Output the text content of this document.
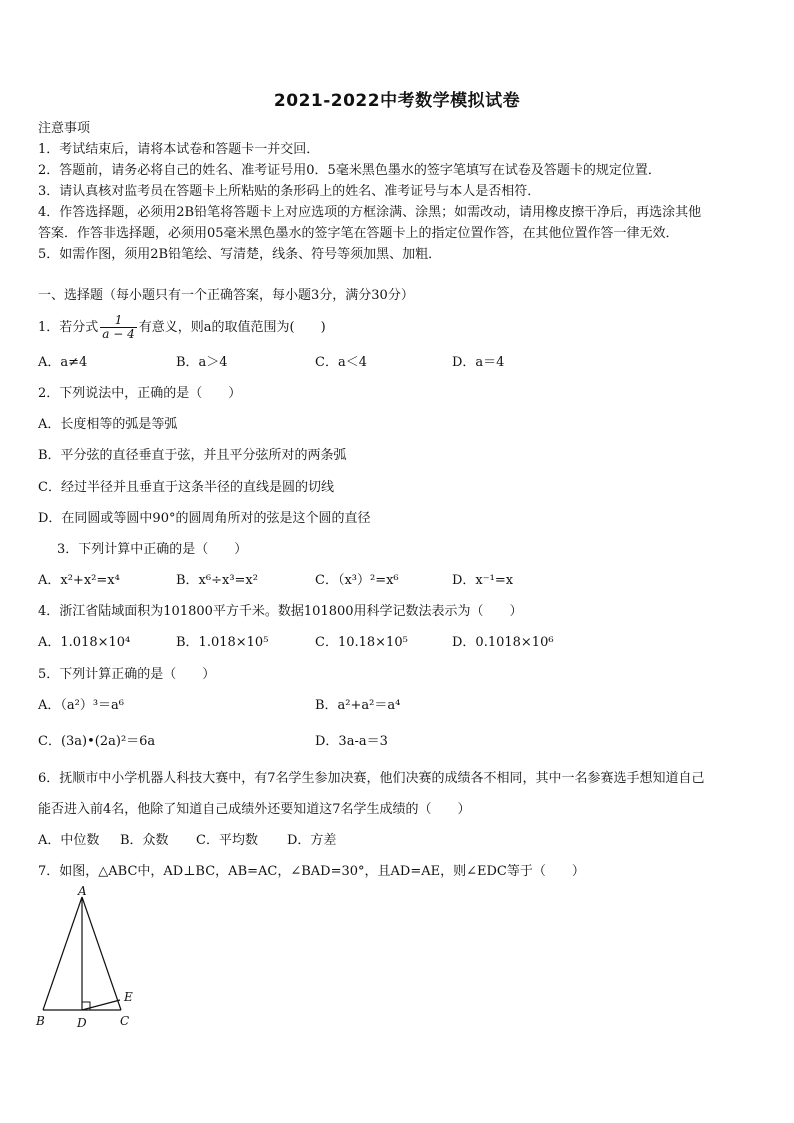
2021-2022中考数学模拟试卷
注意事项
1．考试结束后，请将本试卷和答题卡一并交回．
2．答题前，请务必将自己的姓名、准考证号用0．5毫米黑色墨水的签字笔填写在试卷及答题卡的规定位置．
3．请认真核对监考员在答题卡上所粘贴的条形码上的姓名、准考证号与本人是否相符．
4．作答选择题，必须用2B铅笔将答题卡上对应选项的方框涂满、涂黑；如需改动，请用橡皮擦干净后，再选涂其他
答案．作答非选择题，必须用05毫米黑色墨水的签字笔在答题卡上的指定位置作答，在其他位置作答一律无效．
5．如需作图，须用2B铅笔绘、写清楚，线条、符号等须加黑、加粗．
一、选择题（每小题只有一个正确答案，每小题3分，满分30分）
1．若分式 $\frac{1}{a - 4}$ 有意义，则a的取值范围为(　　)
A．a≠4	B．a＞4	C．a＜4	D．a＝4
2．下列说法中，正确的是（　　）
A．长度相等的弧是等弧
B．平分弦的直径垂直于弦，并且平分弦所对的两条弧
C．经过半径并且垂直于这条半径的直线是圆的切线
D．在同圆或等圆中90°的圆周角所对的弦是这个圆的直径
3．下列计算中正确的是（　　）
A．x²+x²=x⁴	B．x⁶÷x³=x²	C．（x³）²=x⁶	D．x⁻¹=x
4．浙江省陆域面积为101800平方千米。数据101800用科学记数法表示为（　　）
A．1.018×10⁴	B．1.018×10⁵	C．10.18×10⁵	D．0.1018×10⁶
5．下列计算正确的是（　　）
A．（a²）³＝a⁶	B．a²+a²＝a⁴
C．(3a)•(2a)²＝6a	D．3a-a＝3
6．抚顺市中小学机器人科技大赛中，有7名学生参加决赛，他们决赛的成绩各不相同，其中一名参赛选手想知道自己
能否进入前4名，他除了知道自己成绩外还要知道这7名学生成绩的（　　）
A．中位数 B．众数 C．平均数 D．方差
7．如图，△ABC中，AD⊥BC，AB=AC，∠BAD=30°，且AD=AE，则∠EDC等于（　　）
A
B	D	C
E
